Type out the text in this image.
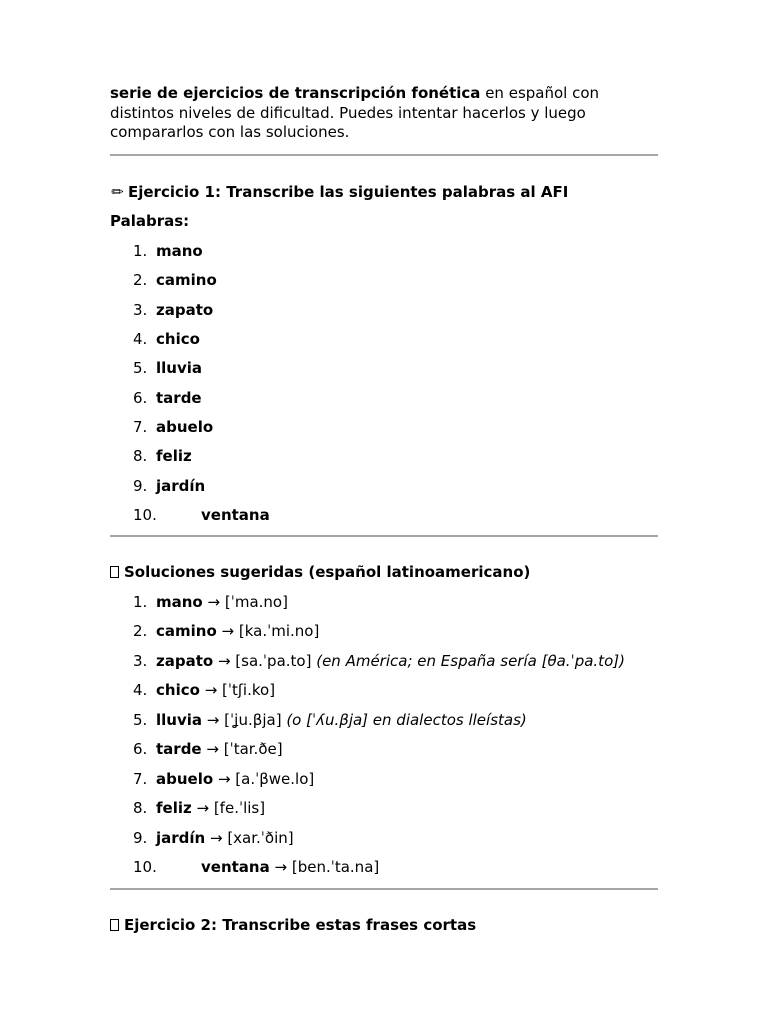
serie de ejercicios de transcripción fonética en español con distintos niveles de dificultad. Puedes intentar hacerlos y luego compararlos con las soluciones.

✏ Ejercicio 1: Transcribe las siguientes palabras al AFI

Palabras:

1. mano
2. camino
3. zapato
4. chico
5. lluvia
6. tarde
7. abuelo
8. feliz
9. jardín
10.	ventana

Soluciones sugeridas (español latinoamericano)

1. mano → [ˈma.no]
2. camino → [ka.ˈmi.no]
3. zapato → [sa.ˈpa.to] (en América; en España sería [θa.ˈpa.to])
4. chico → [ˈtʃi.ko]
5. lluvia → [ˈʝu.βja] (o [ˈʎu.βja] en dialectos lleístas)
6. tarde → [ˈtar.ðe]
7. abuelo → [a.ˈβwe.lo]
8. feliz → [fe.ˈlis]
9. jardín → [xar.ˈðin]
10.	ventana → [ben.ˈta.na]

Ejercicio 2: Transcribe estas frases cortas
